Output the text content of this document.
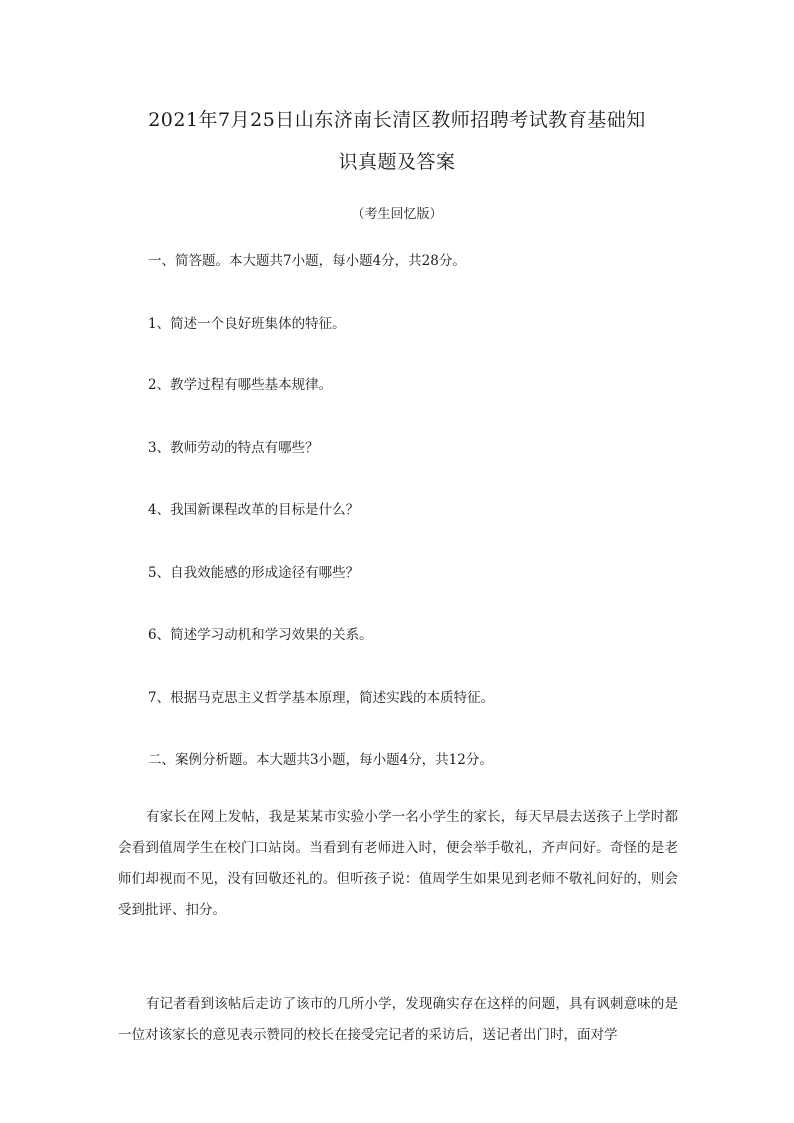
2021年7月25日山东济南长清区教师招聘考试教育基础知
识真题及答案
（考生回忆版）
一、简答题。本大题共7小题，每小题4分，共28分。
1、简述一个良好班集体的特征。
2、教学过程有哪些基本规律。
3、教师劳动的特点有哪些？
4、我国新课程改革的目标是什么？
5、自我效能感的形成途径有哪些？
6、简述学习动机和学习效果的关系。
7、根据马克思主义哲学基本原理，简述实践的本质特征。
二、案例分析题。本大题共3小题，每小题4分，共12分。
有家长在网上发帖，我是某某市实验小学一名小学生的家长，每天早晨去送孩子上学时都会看到值周学生在校门口站岗。当看到有老师进入时，便会举手敬礼，齐声问好。奇怪的是老师们却视而不见，没有回敬还礼的。但听孩子说：值周学生如果见到老师不敬礼问好的，则会受到批评、扣分。
有记者看到该帖后走访了该市的几所小学，发现确实存在这样的问题，具有讽刺意味的是一位对该家长的意见表示赞同的校长在接受完记者的采访后，送记者出门时，面对学
